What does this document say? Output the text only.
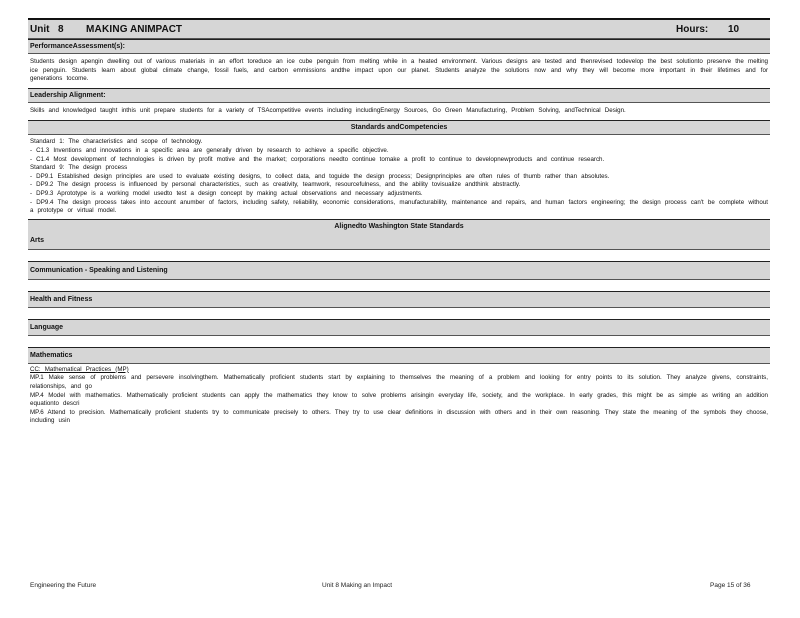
Unit 8	MAKING ANIMPACT	Hours:	10
PerformanceAssessment(s):
Students design apengin dwelling out of various materials in an effort toreduce an ice cube penguin from melting while in a heated environment. Various designs are tested and thenrevised todevelop the best solutionto preserve the melting ice penguin. Students learn about global climate change, fossil fuels, and carbon emmissions andthe impact upon our planet. Students analyze the solutions now and why they will become more important in their lifetimes and for generations tocome.
Leadership Alignment:
Skills and knowledged taught inthis unit prepare students for a variety of TSAcompetitive events including includingEnergy Sources, Go Green Manufacturing, Problem Solving, andTechnical Design.
Standards andCompetencies

Standard 1: The characteristics and scope of technology.

- C1.3 Inventions and innovations in a specific area are generally driven by research to achieve a specific objective.

- C1.4 Most development of technologies is driven by profit motive and the market; corporations needto continue tomake a profit to continue to developnewproducts and continue research.

Standard 9: The design process

- DP9.1 Established design principles are used to evaluate existing designs, to collect data, and toguide the design process; Designprinciples are often rules of thumb rather than absolutes.

- DP9.2 The design process is influenced by personal characteristics, such as creativity, teamwork, resourcefulness, and the ability tovisualize andthink abstractly.

- DP9.3 Aprototype is a working model usedto test a design concept by making actual observations and necessary adjustments.

- DP9.4 The design process takes into account anumber of factors, including safety, reliability, economic considerations, manufacturability, maintenance and repairs, and human factors engineering; the design process can't be complete without a prototype or virtual model.

Alignedto Washington State Standards
Arts
Communication - Speaking and Listening
Health and Fitness
Language
Mathematics

CC: Mathematical Practices (MP)

MP.1 Make sense of problems and persevere insolvingthem. Mathematically proficient students start by explaining to themselves the meaning of a problem and looking for entry points to its solution. They analyze givens, constraints, relationships, and go

MP.4 Model with mathematics. Mathematically proficient students can apply the mathematics they know to solve problems arisingin everyday life, society, and the workplace. In early grades, this might be as simple as writing an addition equationto descri

MP.6 Attend to precision. Mathematically proficient students try to communicate precisely to others. They try to use clear definitions in discussion with others and in their own reasoning. They state the meaning of the symbols they choose, including usin

Engineering the Future	Unit 8 Making an Impact	Page 15 of 36
